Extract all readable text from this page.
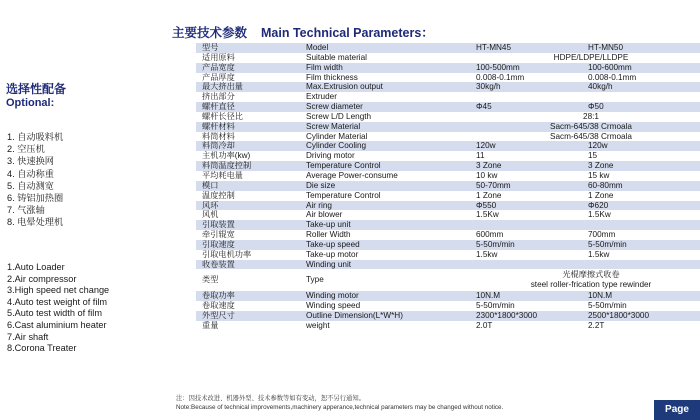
主要技术参数 Main Technical Parameters：
选择性配备
Optional:
1. 自动吸料机
2. 空压机
3. 快速换网
4. 自动称重
5. 自动测宽
6. 铸铝加热圈
7. 气涨轴
8. 电晕处理机
1.Auto Loader
2.Air compressor
3.High speed net change
4.Auto test weight of film
5.Auto test width of film
6.Cast aluminium heater
7.Air shaft
8.Corona Treater
型号	Model	HT-MN45	HT-MN50
适用原料	Suitable material	HDPE/LDPE/LLDPE	
产品宽度	Film width	100-500mm	100-600mm
产品厚度	Film thickness	0.008-0.1mm	0.008-0.1mm
最大挤出量	Max.Extrusion output	30kg/h	40kg/h
挤出部分	Extruder		
螺杆直径	Screw diameter	Φ45	Φ50
螺杆长径比	Screw L/D Length	28:1	
螺杆材料	Screw Material	Sacm-645/38 Crmoala	
料筒材料	Cylinder Material	Sacm-645/38 Crmoala	
料筒冷却	Cylinder Cooling	120w	120w
主机功率(kw)	Driving motor	11	15
料筒温度控制	Temperature Control	3 Zone	3 Zone
平均耗电量	Average Power-consume	10 kw	15 kw
模口	Die size	50-70mm	60-80mm
温度控制	Temperature Control	1 Zone	1 Zone
风环	Air ring	Φ550	Φ620
风机	Air blower	1.5Kw	1.5Kw
引取装置	Take-up unit		
牵引辊宽	Roller Width	600mm	700mm
引取速度	Take-up speed	5-50m/min	5-50m/min
引取电机功率	Take-up motor	1.5kw	1.5kw
收卷装置	Winding unit		
类型	Type	光棍摩擦式收卷
steel roller-frication type rewinder	

卷取功率	Winding motor	10N.M	10N.M
卷取速度	Winding speed	5-50m/min	5-50m/min
外型尺寸	Outline Dimension(L*W*H)	2300*1800*3000	2500*1800*3000
重量	weight	2.0T	2.2T
注：因技术改进、机器外型、技术参数等如有变动，恕不另行通知。
Note:Because of technical improvements,machinery apperance,technical parameters may be changed without notice.	Page
